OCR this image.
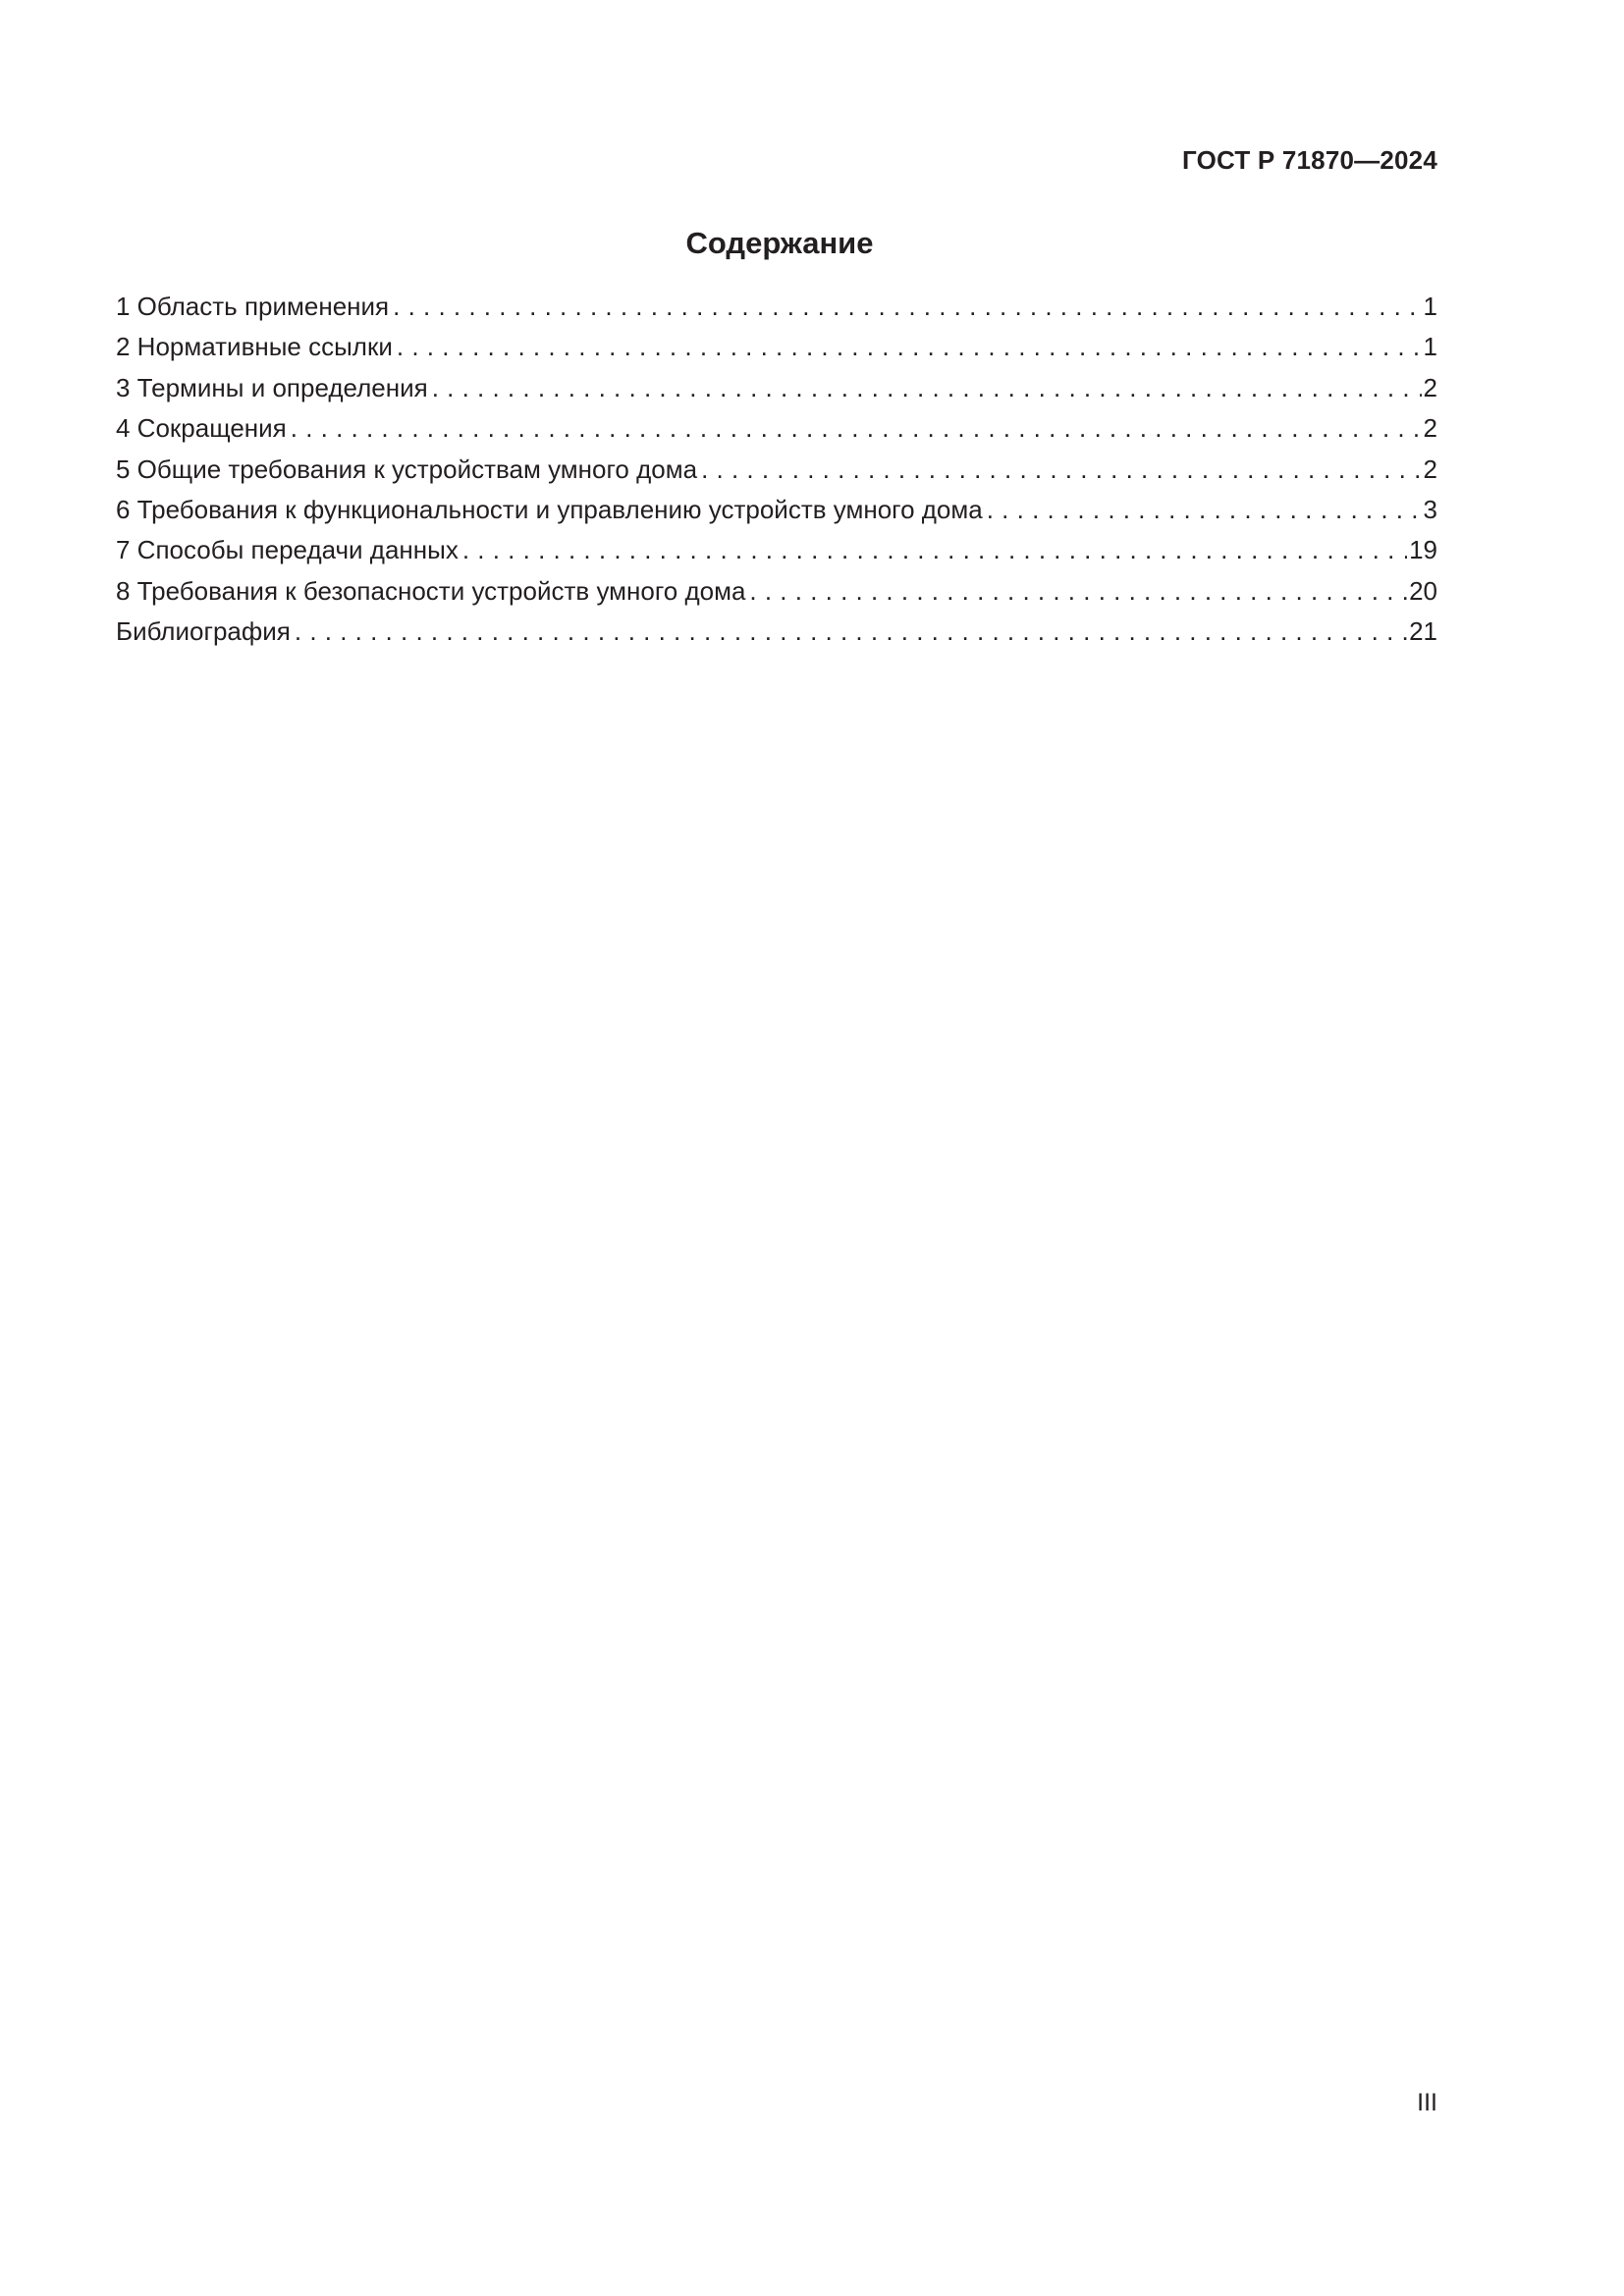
ГОСТ Р 71870—2024
Содержание
1 Область применения . . .	1
2 Нормативные ссылки . . .	1
3 Термины и определения . . .	2
4 Сокращения . . .	2
5 Общие требования к устройствам умного дома . . .	2
6 Требования к функциональности и управлению устройств умного дома . . .	3
7 Способы передачи данных . . .	19
8 Требования к безопасности устройств умного дома . . .	20
Библиография . . .	21
III
